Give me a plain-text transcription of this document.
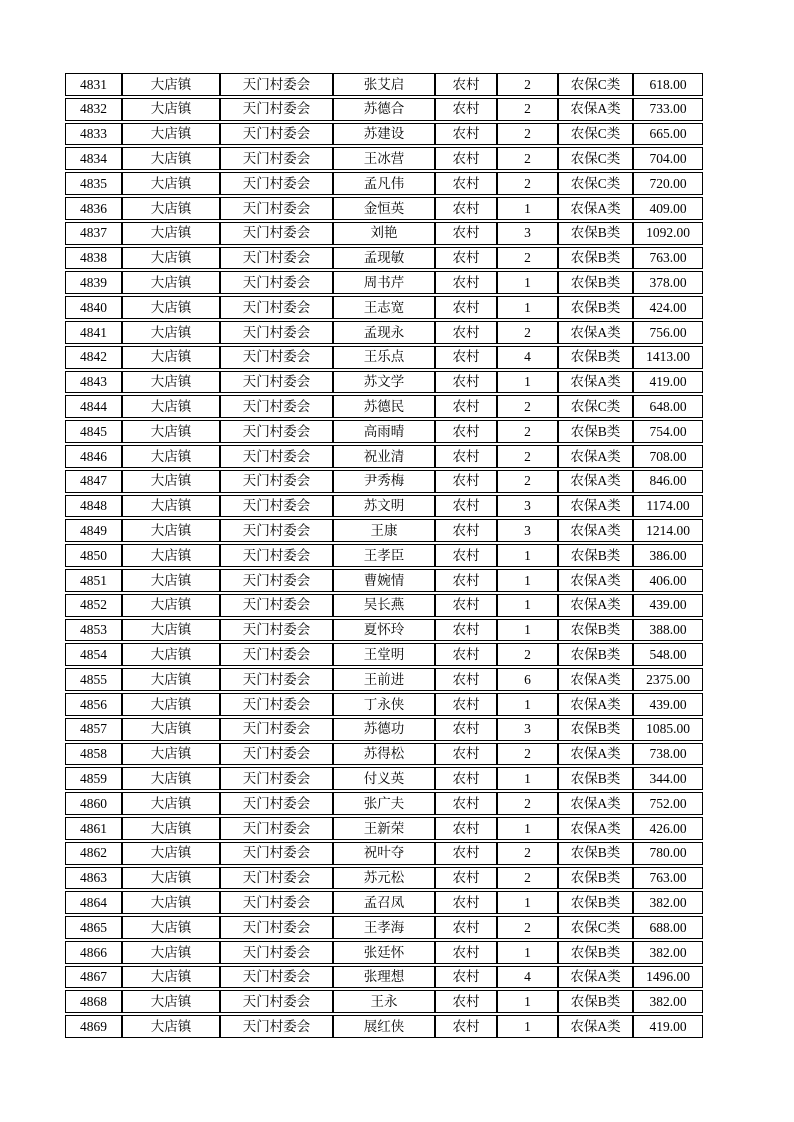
4831	大店镇	天门村委会	张艾启	农村	2	农保C类	618.00
4832	大店镇	天门村委会	苏德合	农村	2	农保A类	733.00
4833	大店镇	天门村委会	苏建设	农村	2	农保C类	665.00
4834	大店镇	天门村委会	王冰营	农村	2	农保C类	704.00
4835	大店镇	天门村委会	孟凡伟	农村	2	农保C类	720.00
4836	大店镇	天门村委会	金恒英	农村	1	农保A类	409.00
4837	大店镇	天门村委会	刘艳	农村	3	农保B类	1092.00
4838	大店镇	天门村委会	孟现敏	农村	2	农保B类	763.00
4839	大店镇	天门村委会	周书芹	农村	1	农保B类	378.00
4840	大店镇	天门村委会	王志宽	农村	1	农保B类	424.00
4841	大店镇	天门村委会	孟现永	农村	2	农保A类	756.00
4842	大店镇	天门村委会	王乐点	农村	4	农保B类	1413.00
4843	大店镇	天门村委会	苏文学	农村	1	农保A类	419.00
4844	大店镇	天门村委会	苏德民	农村	2	农保C类	648.00
4845	大店镇	天门村委会	高雨晴	农村	2	农保B类	754.00
4846	大店镇	天门村委会	祝业清	农村	2	农保A类	708.00
4847	大店镇	天门村委会	尹秀梅	农村	2	农保A类	846.00
4848	大店镇	天门村委会	苏文明	农村	3	农保A类	1174.00
4849	大店镇	天门村委会	王康	农村	3	农保A类	1214.00
4850	大店镇	天门村委会	王孝臣	农村	1	农保B类	386.00
4851	大店镇	天门村委会	曹婉情	农村	1	农保A类	406.00
4852	大店镇	天门村委会	吴长燕	农村	1	农保A类	439.00
4853	大店镇	天门村委会	夏怀玲	农村	1	农保B类	388.00
4854	大店镇	天门村委会	王堂明	农村	2	农保B类	548.00
4855	大店镇	天门村委会	王前进	农村	6	农保A类	2375.00
4856	大店镇	天门村委会	丁永侠	农村	1	农保A类	439.00
4857	大店镇	天门村委会	苏德功	农村	3	农保B类	1085.00
4858	大店镇	天门村委会	苏得松	农村	2	农保A类	738.00
4859	大店镇	天门村委会	付义英	农村	1	农保B类	344.00
4860	大店镇	天门村委会	张广夫	农村	2	农保A类	752.00
4861	大店镇	天门村委会	王新荣	农村	1	农保A类	426.00
4862	大店镇	天门村委会	祝叶夺	农村	2	农保B类	780.00
4863	大店镇	天门村委会	苏元松	农村	2	农保B类	763.00
4864	大店镇	天门村委会	孟召凤	农村	1	农保B类	382.00
4865	大店镇	天门村委会	王孝海	农村	2	农保C类	688.00
4866	大店镇	天门村委会	张廷怀	农村	1	农保B类	382.00
4867	大店镇	天门村委会	张理想	农村	4	农保A类	1496.00
4868	大店镇	天门村委会	王永	农村	1	农保B类	382.00
4869	大店镇	天门村委会	展红侠	农村	1	农保A类	419.00
